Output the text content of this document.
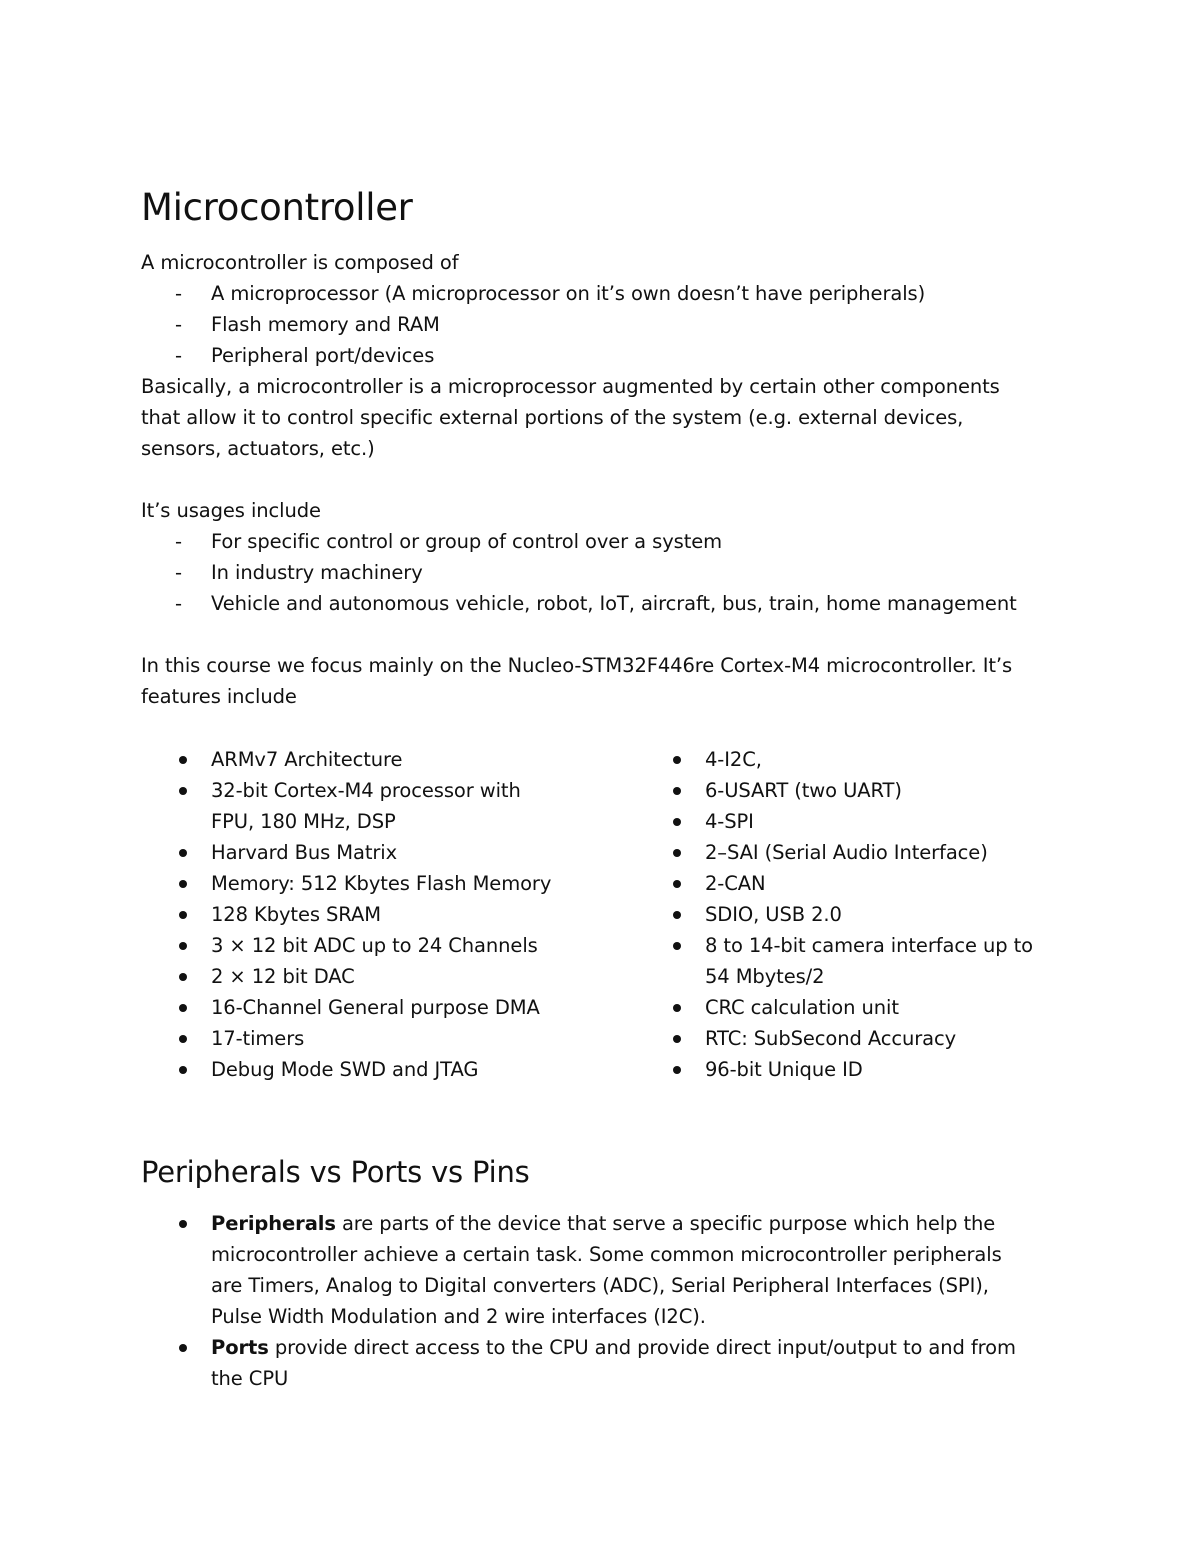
Microcontroller

A microcontroller is composed of

- A microprocessor (A microprocessor on it’s own doesn’t have peripherals)
- Flash memory and RAM
- Peripheral port/devices

Basically, a microcontroller is a microprocessor augmented by certain other components

that allow it to control specific external portions of the system (e.g. external devices,

sensors, actuators, etc.)

It’s usages include

- For specific control or group of control over a system
- In industry machinery
- Vehicle and autonomous vehicle, robot, IoT, aircraft, bus, train, home management

In this course we focus mainly on the Nucleo-STM32F446re Cortex-M4 microcontroller. It’s

features include

ARMv7 Architecture
32-bit Cortex-M4 processor with
FPU, 180 MHz, DSP
Harvard Bus Matrix
Memory: 512 Kbytes Flash Memory
128 Kbytes SRAM
3 × 12 bit ADC up to 24 Channels
2 × 12 bit DAC
16-Channel General purpose DMA
17-timers
Debug Mode SWD and JTAG
4-I2C,
6-USART (two UART)
4-SPI
2–SAI (Serial Audio Interface)
2-CAN
SDIO, USB 2.0
8 to 14-bit camera interface up to
54 Mbytes/2
CRC calculation unit
RTC: SubSecond Accuracy
96-bit Unique ID
Peripherals vs Ports vs Pins
Peripherals are parts of the device that serve a specific purpose which help the
microcontroller achieve a certain task. Some common microcontroller peripherals
are Timers, Analog to Digital converters (ADC), Serial Peripheral Interfaces (SPI),
Pulse Width Modulation and 2 wire interfaces (I2C).
Ports provide direct access to the CPU and provide direct input/output to and from
the CPU
